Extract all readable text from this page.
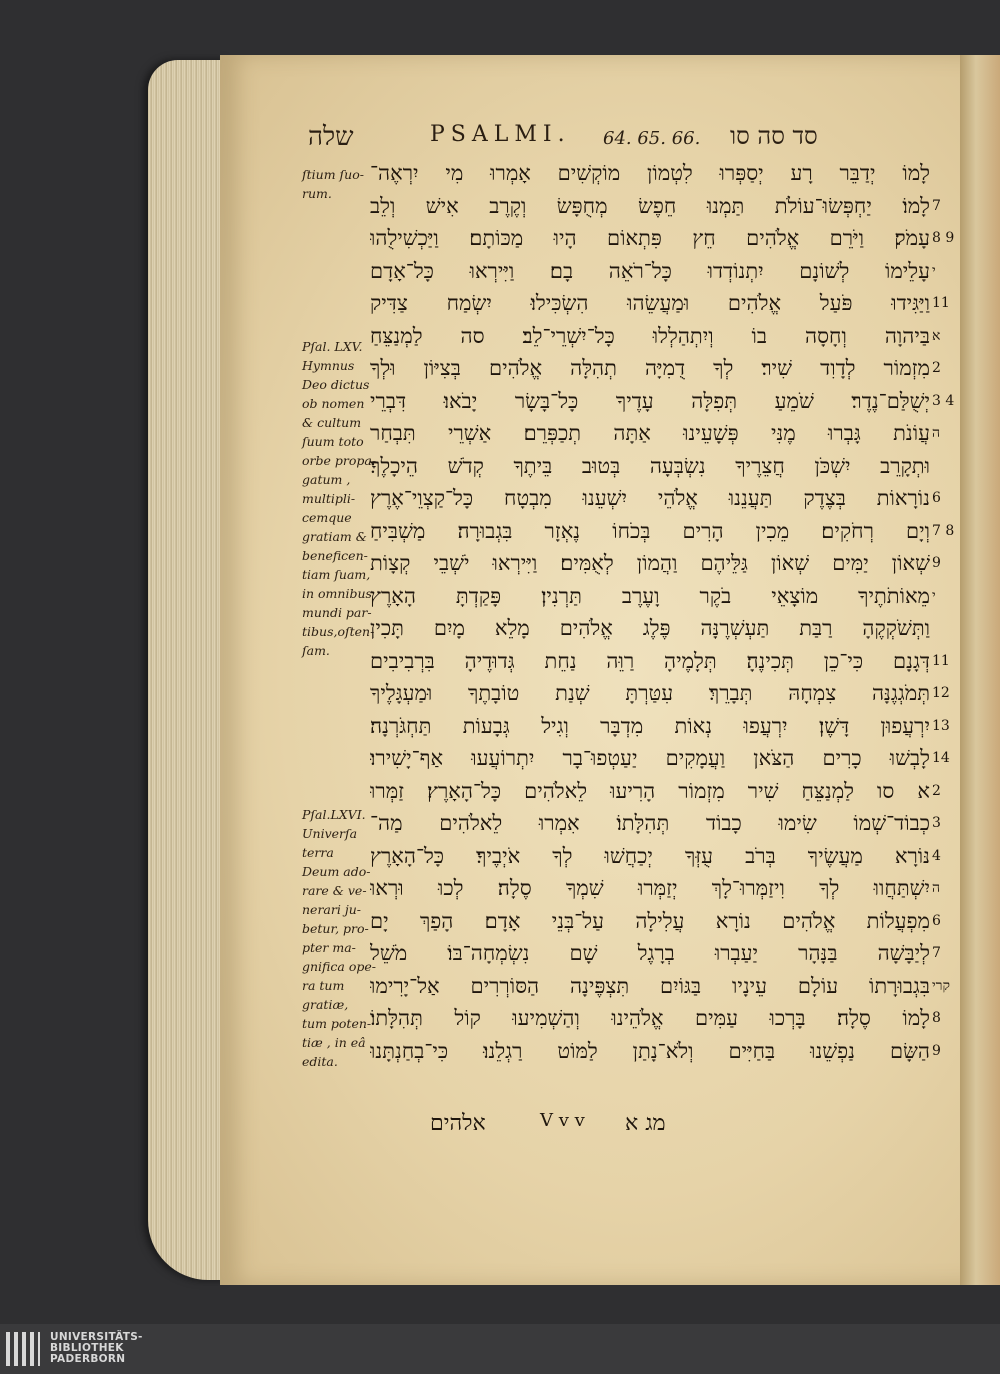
שלה	PSALMI. 64. 65. 66. סד סה סו
ſtium ſuo-
rum.
Pſal. LXV.
Hymnus
Deo dictus
ob nomen
& cultum
ſuum toto
orbe propa-
gatum ,
multipli-
cemque
gratiam &
beneficen-
tiam ſuam,
in omnibus
mundi par-
tibus,oſten-
ſam.
Pſal.LXVI.
Univerſa
terra
Deum ado-
rare & ve-
nerari ju-
betur, pro-
pter ma-
gnifica ope-
ra tum
gratiæ,
tum poten-
tiæ , in eâ
edita.
לָמוֹ יְדַבֵּר רָע יְסַפְּרוּ לִטְמוֹן מוֹקְשִׁים אָמְרוּ מִי יִרְאֶה־
לָמוֹ׃ יַחְפְּשׂוּ־עוֹלֹת תַּמְנוּ חֵפֶשׂ מְחֻפָּשׂ וְקֶרֶב אִישׁ וְלֵב 7
עָמֹק׃ וַיֹּרֵם אֱלֹהִים חֵץ פִּתְאוֹם הָיוּ מַכּוֹתָם׃ וַיַּכְשִׁילֻהוּ 8 9
עָלֵימוֹ לְשׁוֹנָם יִתְנוֹדְדוּ כָּל־רֹאֵה בָם׃ וַיִּירְאוּ כָּל־אָדָם י
וַיַּגִּידוּ פֹּעַל אֱלֹהִים וּמַעֲשֵׂהוּ הִשְׂכִּילוּ׃ יִשְׂמַח צַדִּיק 11
בַּיהוָה וְחָסָה בוֹ וְיִתְהַלְלוּ כָּל־יִשְׁרֵי־לֵב׃ סה לַמְנַצֵּחַ א
מִזְמוֹר לְדָוִד שִׁיר׃ לְךָ דֻמִיָּה תְהִלָּה אֱלֹהִים בְּצִיּוֹן וּלְךָ 2
יְשֻׁלַּם־נֶדֶר׃ שֹׁמֵעַ תְּפִלָּה עָדֶיךָ כָּל־בָּשָׂר יָבֹאוּ׃ דִּבְרֵי 3 4
עֲוֹנֹת גָּבְרוּ מֶנִּי פְּשָׁעֵינוּ אַתָּה תְכַפְּרֵם׃ אַשְׁרֵי תִּבְחַר ה
וּתְקָרֵב יִשְׁכֹּן חֲצֵרֶיךָ נִשְׂבְּעָה בְּטוּב בֵּיתֶךָ קְדֹשׁ הֵיכָלֶךָ׃
נוֹרָאוֹת בְּצֶדֶק תַּעֲנֵנוּ אֱלֹהֵי יִשְׁעֵנוּ מִבְטָח כָּל־קַצְוֵי־אֶרֶץ 6
וְיָם רְחֹקִים׃ מֵכִין הָרִים בְּכֹחוֹ נֶאְזָר בִּגְבוּרָה׃ מַשְׁבִּיחַ 7 8
שְׁאוֹן יַמִּים שְׁאוֹן גַּלֵּיהֶם וַהֲמוֹן לְאֻמִּים׃ וַיִּירְאוּ יֹשְׁבֵי קְצָוֹת 9
מֵאוֹתֹתֶיךָ מוֹצָאֵי בֹקֶר וָעֶרֶב תַּרְנִין׃ פָּקַדְתָּ הָאָרֶץ י
וַתְּשֹׁקְקֶהָ רַבַּת תַּעְשְׁרֶנָּה פֶּלֶג אֱלֹהִים מָלֵא מָיִם תָּכִין
דְּגָנָם כִּי־כֵן תְּכִינֶהָ׃ תְּלָמֶיהָ רַוֵּה נַחֵת גְּדוּדֶיהָ בִּרְבִיבִים 11
תְּמֹגְגֶנָּה צִמְחָהּ תְּבָרֵךְ׃ עִטַּרְתָּ שְׁנַת טוֹבָתֶךָ וּמַעְגָּלֶיךָ 12
יִרְעֲפוּן דָּשֶׁן׃ יִרְעֲפוּ נְאוֹת מִדְבָּר וְגִיל גְּבָעוֹת תַּחְגֹּרְנָה׃ 13
לָבְשׁוּ כָרִים הַצֹּאן וַעֲמָקִים יַעַטְפוּ־בָר יִתְרוֹעֲעוּ אַף־יָשִׁירוּ׃ 14
א סו לַמְנַצֵּחַ שִׁיר מִזְמוֹר הָרִיעוּ לֵאלֹהִים כָּל־הָאָרֶץ׃ זַמְּרוּ 2
כְבוֹד־שְׁמוֹ שִׂימוּ כָבוֹד תְּהִלָּתוֹ׃ אִמְרוּ לֵאלֹהִים מַה־ 3
נּוֹרָא מַעֲשֶׂיךָ בְּרֹב עֻזְּךָ יְכַחֲשׁוּ לְךָ אֹיְבֶיךָ׃ כָּל־הָאָרֶץ 4
יִשְׁתַּחֲווּ לְךָ וִיזַמְּרוּ־לָךְ יְזַמְּרוּ שִׁמְךָ סֶלָה׃ לְכוּ וּרְאוּ ה
מִפְעֲלוֹת אֱלֹהִים נוֹרָא עֲלִילָה עַל־בְּנֵי אָדָם׃ הָפַךְ יָם 6
לְיַבָּשָׁה בַּנָּהָר יַעַבְרוּ בְרָגֶל שָׁם נִשְׂמְחָה־בּוֹ׃ מֹשֵׁל 7
בִּגְבוּרָתוֹ עוֹלָם עֵינָיו בַּגּוֹיִם תִּצְפֶּינָה הַסּוֹרְרִים אַל־יָרִימוּ קרי
לָמוֹ סֶלָה׃ בָּרְכוּ עַמִּים אֱלֹהֵינוּ וְהַשְׁמִיעוּ קוֹל תְּהִלָּתוֹ׃ 8
הַשָּׂם נַפְשֵׁנוּ בַּחַיִּים וְלֹא־נָתַן לַמּוֹט רַגְלֵנוּ׃ כִּי־בְחַנְתָּנוּ 9
אלהים	V v v מג א
UNIVERSITÄTS-
BIBLIOTHEK
PADERBORN
